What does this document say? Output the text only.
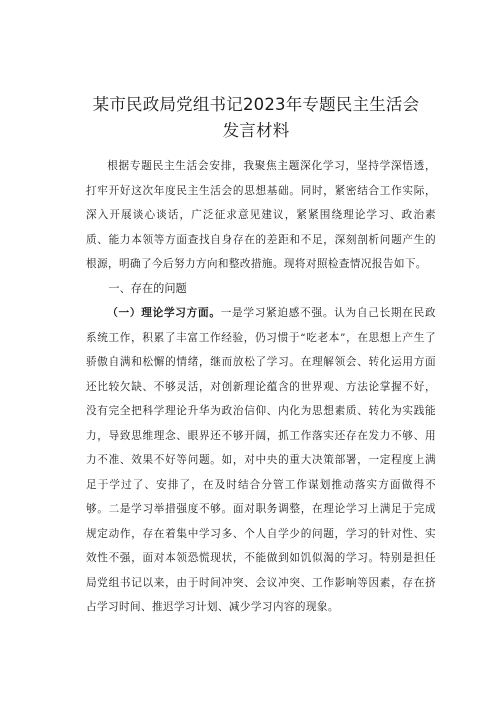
某市民政局党组书记2023年专题民主生活会
发言材料

根据专题民主生活会安排，我聚焦主题深化学习，坚持学深悟透，打牢开好这次年度民主生活会的思想基础。同时，紧密结合工作实际，深入开展谈心谈话，广泛征求意见建议，紧紧围绕理论学习、政治素质、能力本领等方面查找自身存在的差距和不足，深刻剖析问题产生的根源，明确了今后努力方向和整改措施。现将对照检查情况报告如下。

一、存在的问题

（一）理论学习方面。一是学习紧迫感不强。认为自己长期在民政系统工作，积累了丰富工作经验，仍习惯于“吃老本”，在思想上产生了骄傲自满和松懈的情绪，继而放松了学习。在理解领会、转化运用方面还比较欠缺、不够灵活，对创新理论蕴含的世界观、方法论掌握不好，没有完全把科学理论升华为政治信仰、内化为思想素质、转化为实践能力，导致思维理念、眼界还不够开阔，抓工作落实还存在发力不够、用力不准、效果不好等问题。如，对中央的重大决策部署，一定程度上满足于学过了、安排了，在及时结合分管工作谋划推动落实方面做得不够。二是学习举措强度不够。面对职务调整，在理论学习上满足于完成规定动作，存在着集中学习多、个人自学少的问题，学习的针对性、实效性不强，面对本领恐慌现状，不能做到如饥似渴的学习。特别是担任局党组书记以来，由于时间冲突、会议冲突、工作影响等因素，存在挤占学习时间、推迟学习计划、减少学习内容的现象。
